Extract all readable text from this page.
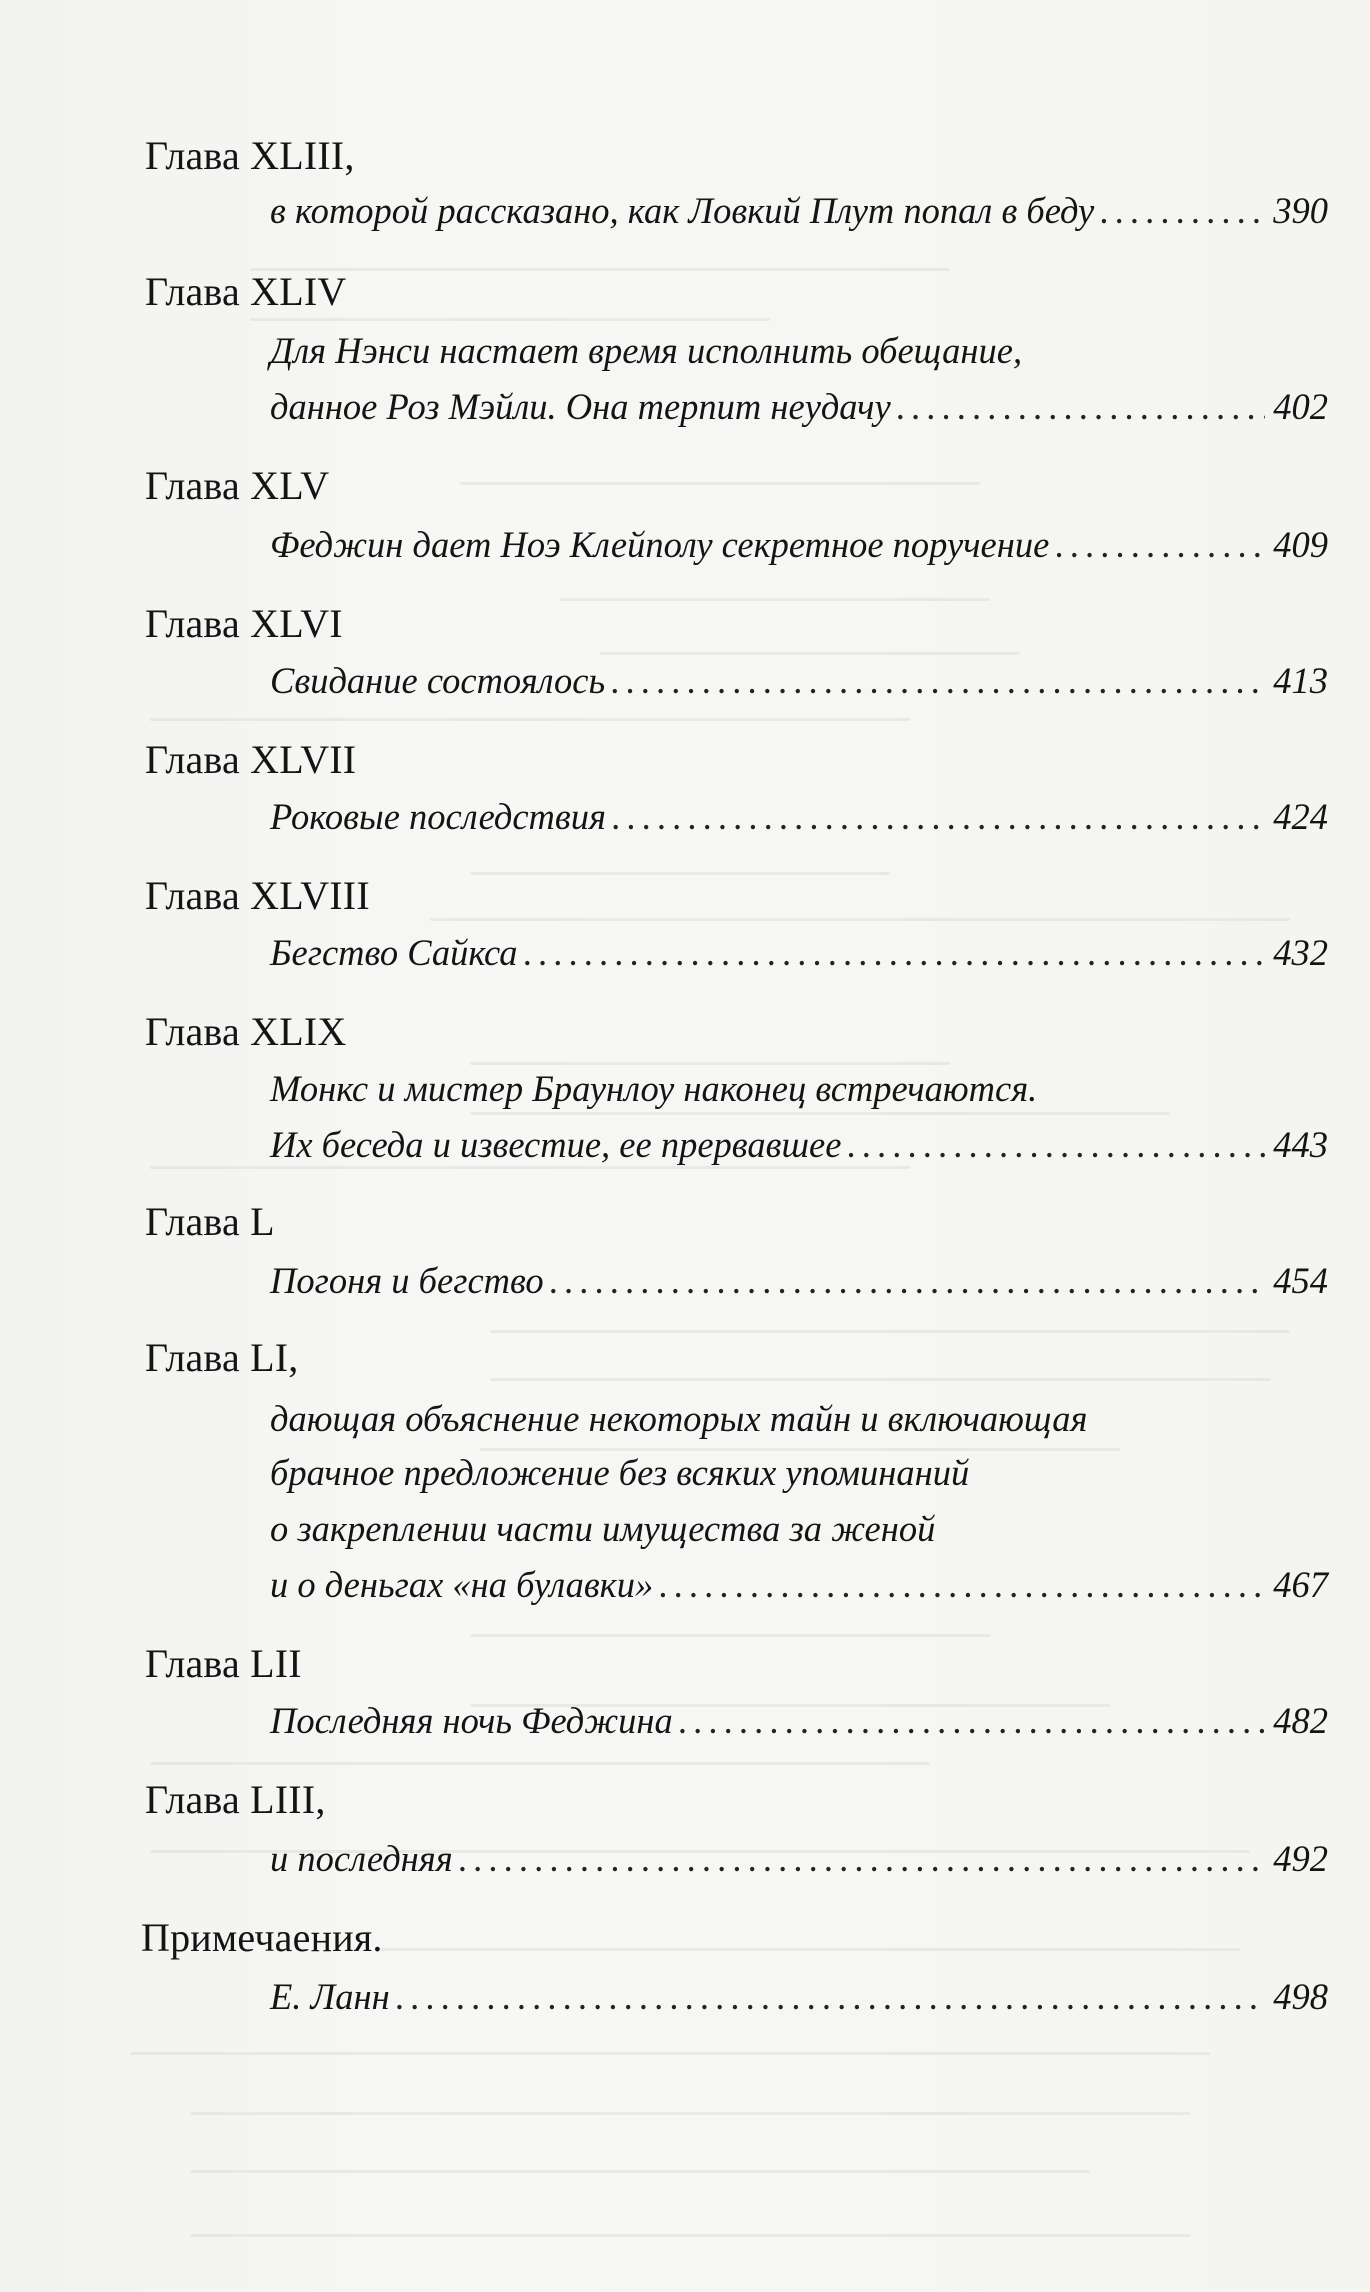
Глава XLIII,
в которой рассказано, как Ловкий Плут попал в беду . . .	390
Глава XLIV
Для Нэнси настает время исполнить обещание,
данное Роз Мэйли. Она терпит неудачу . . .	402
Глава XLV
Феджин дает Ноэ Клейполу секретное поручение . . .	409
Глава XLVI
Свидание состоялось . . .	413
Глава XLVII
Роковые последствия . . .	424
Глава XLVIII
Бегство Сайкса . . .	432
Глава XLIX
Монкс и мистер Браунлоу наконец встречаются.
Их беседа и известие, ее прервавшее . . .	443
Глава L
Погоня и бегство . . .	454
Глава LI,
дающая объяснение некоторых тайн и включающая
брачное предложение без всяких упоминаний
о закреплении части имущества за женой
и о деньгах «на булавки» . . .	467
Глава LII
Последняя ночь Феджина . . .	482
Глава LIII,
и последняя . . .	492
Примечаения.
Е. Ланн . . .	498
